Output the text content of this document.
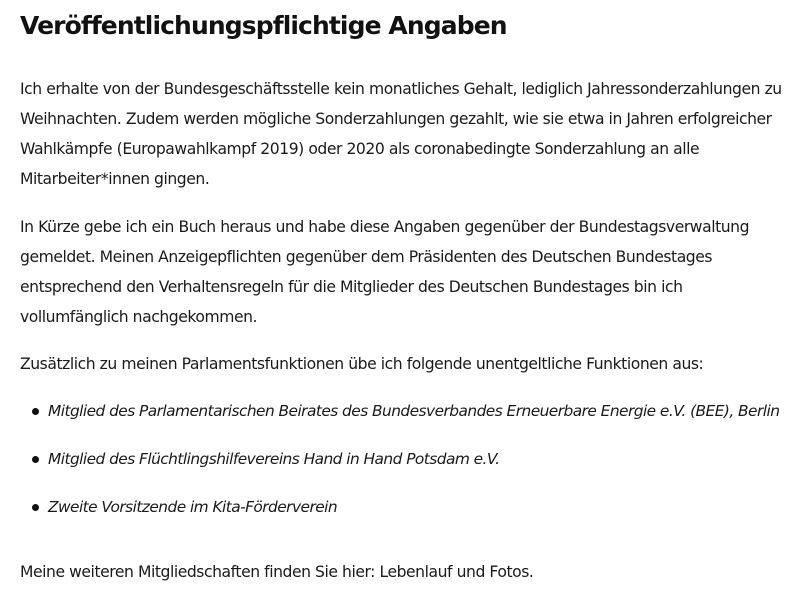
Veröffentlichungspflichtige Angaben

Ich erhalte von der Bundesgeschäftsstelle kein monatliches Gehalt, lediglich Jahressonderzahlungen zu Weihnachten. Zudem werden mögliche Sonderzahlungen gezahlt, wie sie etwa in Jahren erfolgreicher Wahlkämpfe (Europawahlkampf 2019) oder 2020 als coronabedingte Sonderzahlung an alle Mitarbeiter*innen gingen.

In Kürze gebe ich ein Buch heraus und habe diese Angaben gegenüber der Bundestagsverwaltung gemeldet. Meinen Anzeigepflichten gegenüber dem Präsidenten des Deutschen Bundestages entsprechend den Verhaltensregeln für die Mitglieder des Deutschen Bundestages bin ich vollumfänglich nachgekommen.

Zusätzlich zu meinen Parlamentsfunktionen übe ich folgende unentgeltliche Funktionen aus:

Mitglied des Parlamentarischen Beirates des Bundesverbandes Erneuerbare Energie e.V. (BEE), Berlin
Mitglied des Flüchtlingshilfevereins Hand in Hand Potsdam e.V.
Zweite Vorsitzende im Kita-Förderverein

Meine weiteren Mitgliedschaften finden Sie hier: Lebenlauf und Fotos.
